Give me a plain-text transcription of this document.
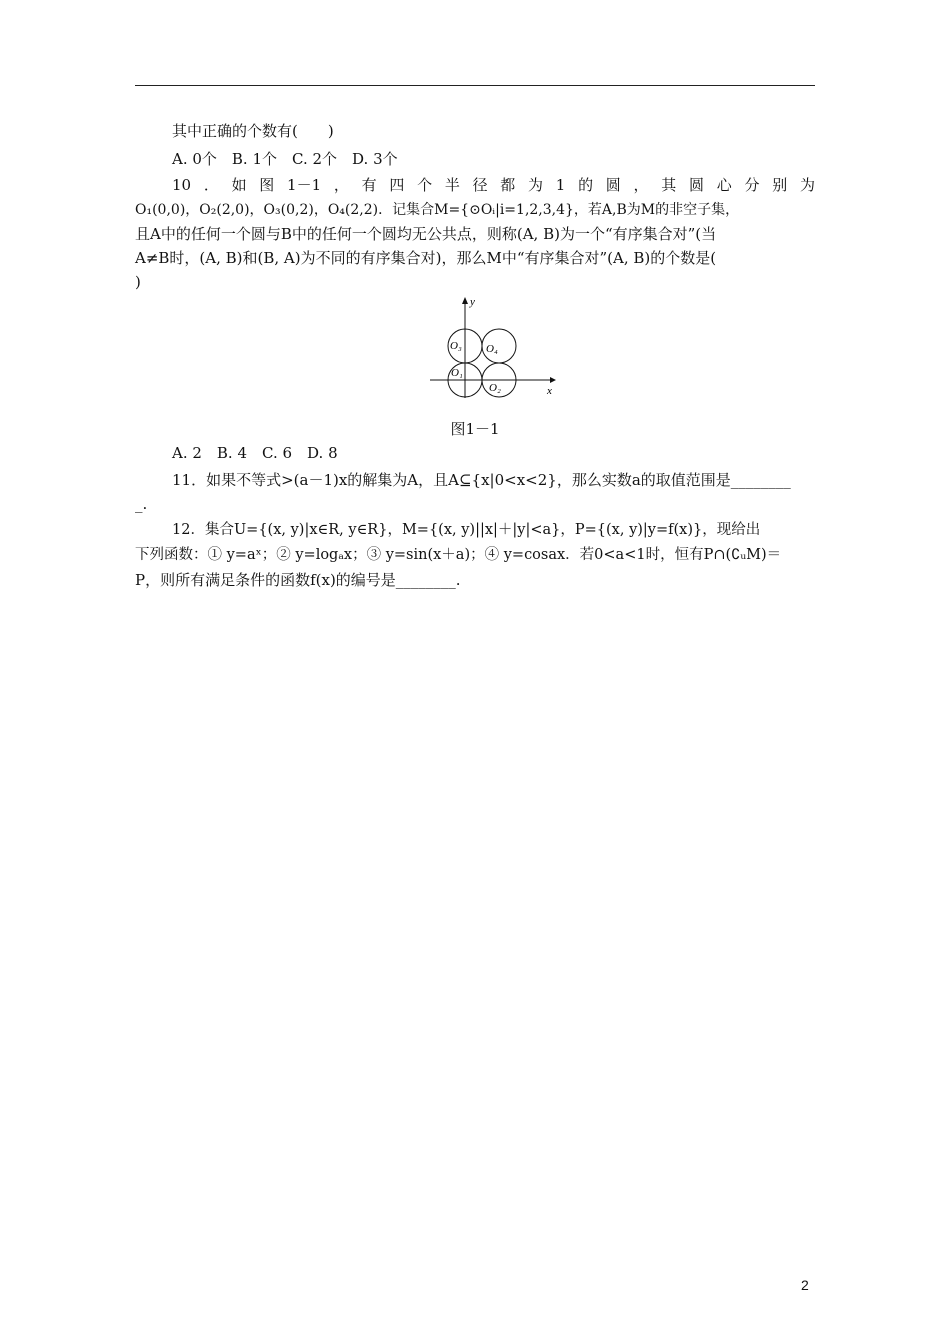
其中正确的个数有(　　)
A. 0个　B. 1个　C. 2个　D. 3个
10．如图1－1，有四个半径都为1的圆，其圆心分别为
O₁(0,0)，O₂(2,0)，O₃(0,2)，O₄(2,2)．记集合M={⊙Oᵢ|i=1,2,3,4}，若A,B为M的非空子集，
且A中的任何一个圆与B中的任何一个圆均无公共点，则称(A, B)为一个“有序集合对”(当
A≠B时，(A, B)和(B, A)为不同的有序集合对)，那么M中“有序集合对”(A, B)的个数是(
)
x
y
O₃ O₄
O₁
O₂
图1－1
A. 2　B. 4　C. 6　D. 8
11．如果不等式>(a－1)x的解集为A，且A⊆{x|0<x<2}，那么实数a的取值范围是________
_.
12．集合U={(x, y)|x∈R, y∈R}，M={(x, y)||x|＋|y|<a}，P={(x, y)|y=f(x)}，现给出
下列函数：① y=aˣ；② y=logₐx；③ y=sin(x＋a)；④ y=cosax．若0<a<1时，恒有P∩(∁ᵤM)＝
P，则所有满足条件的函数f(x)的编号是________.
2
